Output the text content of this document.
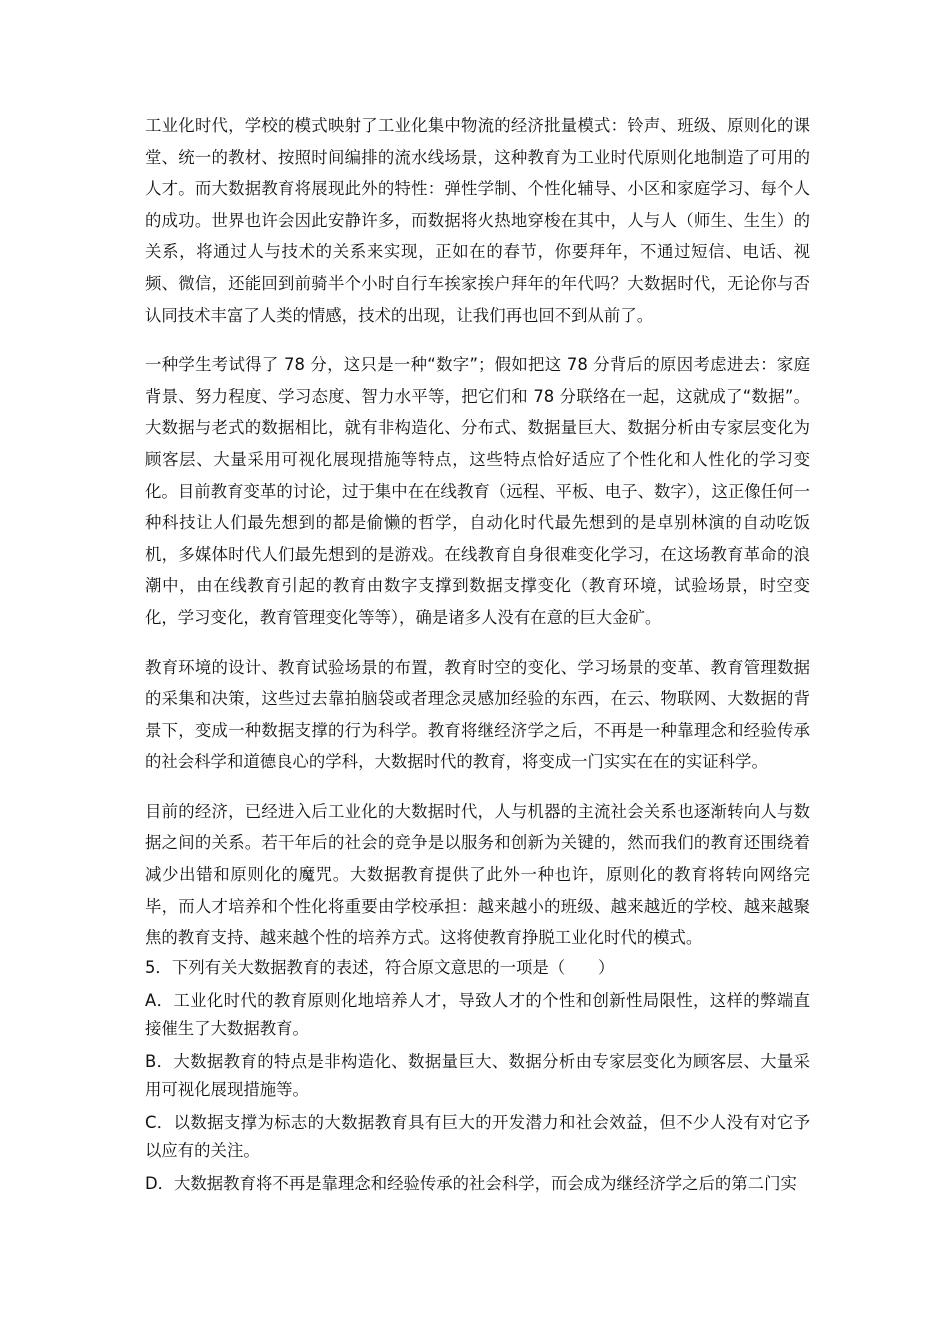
工业化时代，学校的模式映射了工业化集中物流的经济批量模式：铃声、班级、原则化的课堂、统一的教材、按照时间编排的流水线场景，这种教育为工业时代原则化地制造了可用的人才。而大数据教育将展现此外的特性：弹性学制、个性化辅导、小区和家庭学习、每个人的成功。世界也许会因此安静许多，而数据将火热地穿梭在其中，人与人（师生、生生）的关系，将通过人与技术的关系来实现，正如在的春节，你要拜年，不通过短信、电话、视频、微信，还能回到前骑半个小时自行车挨家挨户拜年的年代吗？大数据时代，无论你与否认同技术丰富了人类的情感，技术的出现，让我们再也回不到从前了。

一种学生考试得了 78 分，这只是一种“数字”；假如把这 78 分背后的原因考虑进去：家庭背景、努力程度、学习态度、智力水平等，把它们和 78 分联络在一起，这就成了“数据”。大数据与老式的数据相比，就有非构造化、分布式、数据量巨大、数据分析由专家层变化为顾客层、大量采用可视化展现措施等特点，这些特点恰好适应了个性化和人性化的学习变化。目前教育变革的讨论，过于集中在在线教育（远程、平板、电子、数字），这正像任何一种科技让人们最先想到的都是偷懒的哲学，自动化时代最先想到的是卓别林演的自动吃饭机，多媒体时代人们最先想到的是游戏。在线教育自身很难变化学习，在这场教育革命的浪潮中，由在线教育引起的教育由数字支撑到数据支撑变化（教育环境，试验场景，时空变化，学习变化，教育管理变化等等），确是诸多人没有在意的巨大金矿。

教育环境的设计、教育试验场景的布置，教育时空的变化、学习场景的变革、教育管理数据的采集和决策，这些过去靠拍脑袋或者理念灵感加经验的东西，在云、物联网、大数据的背景下，变成一种数据支撑的行为科学。教育将继经济学之后，不再是一种靠理念和经验传承的社会科学和道德良心的学科，大数据时代的教育，将变成一门实实在在的实证科学。

目前的经济，已经进入后工业化的大数据时代，人与机器的主流社会关系也逐渐转向人与数据之间的关系。若干年后的社会的竞争是以服务和创新为关键的，然而我们的教育还围绕着减少出错和原则化的魔咒。大数据教育提供了此外一种也许，原则化的教育将转向网络完毕，而人才培养和个性化将重要由学校承担：越来越小的班级、越来越近的学校、越来越聚焦的教育支持、越来越个性的培养方式。这将使教育挣脱工业化时代的模式。

5．下列有关大数据教育的表述，符合原文意思的一项是（　　）

A．工业化时代的教育原则化地培养人才，导致人才的个性和创新性局限性，这样的弊端直接催生了大数据教育。

B．大数据教育的特点是非构造化、数据量巨大、数据分析由专家层变化为顾客层、大量采用可视化展现措施等。

C．以数据支撑为标志的大数据教育具有巨大的开发潜力和社会效益，但不少人没有对它予以应有的关注。

D．大数据教育将不再是靠理念和经验传承的社会科学，而会成为继经济学之后的第二门实
